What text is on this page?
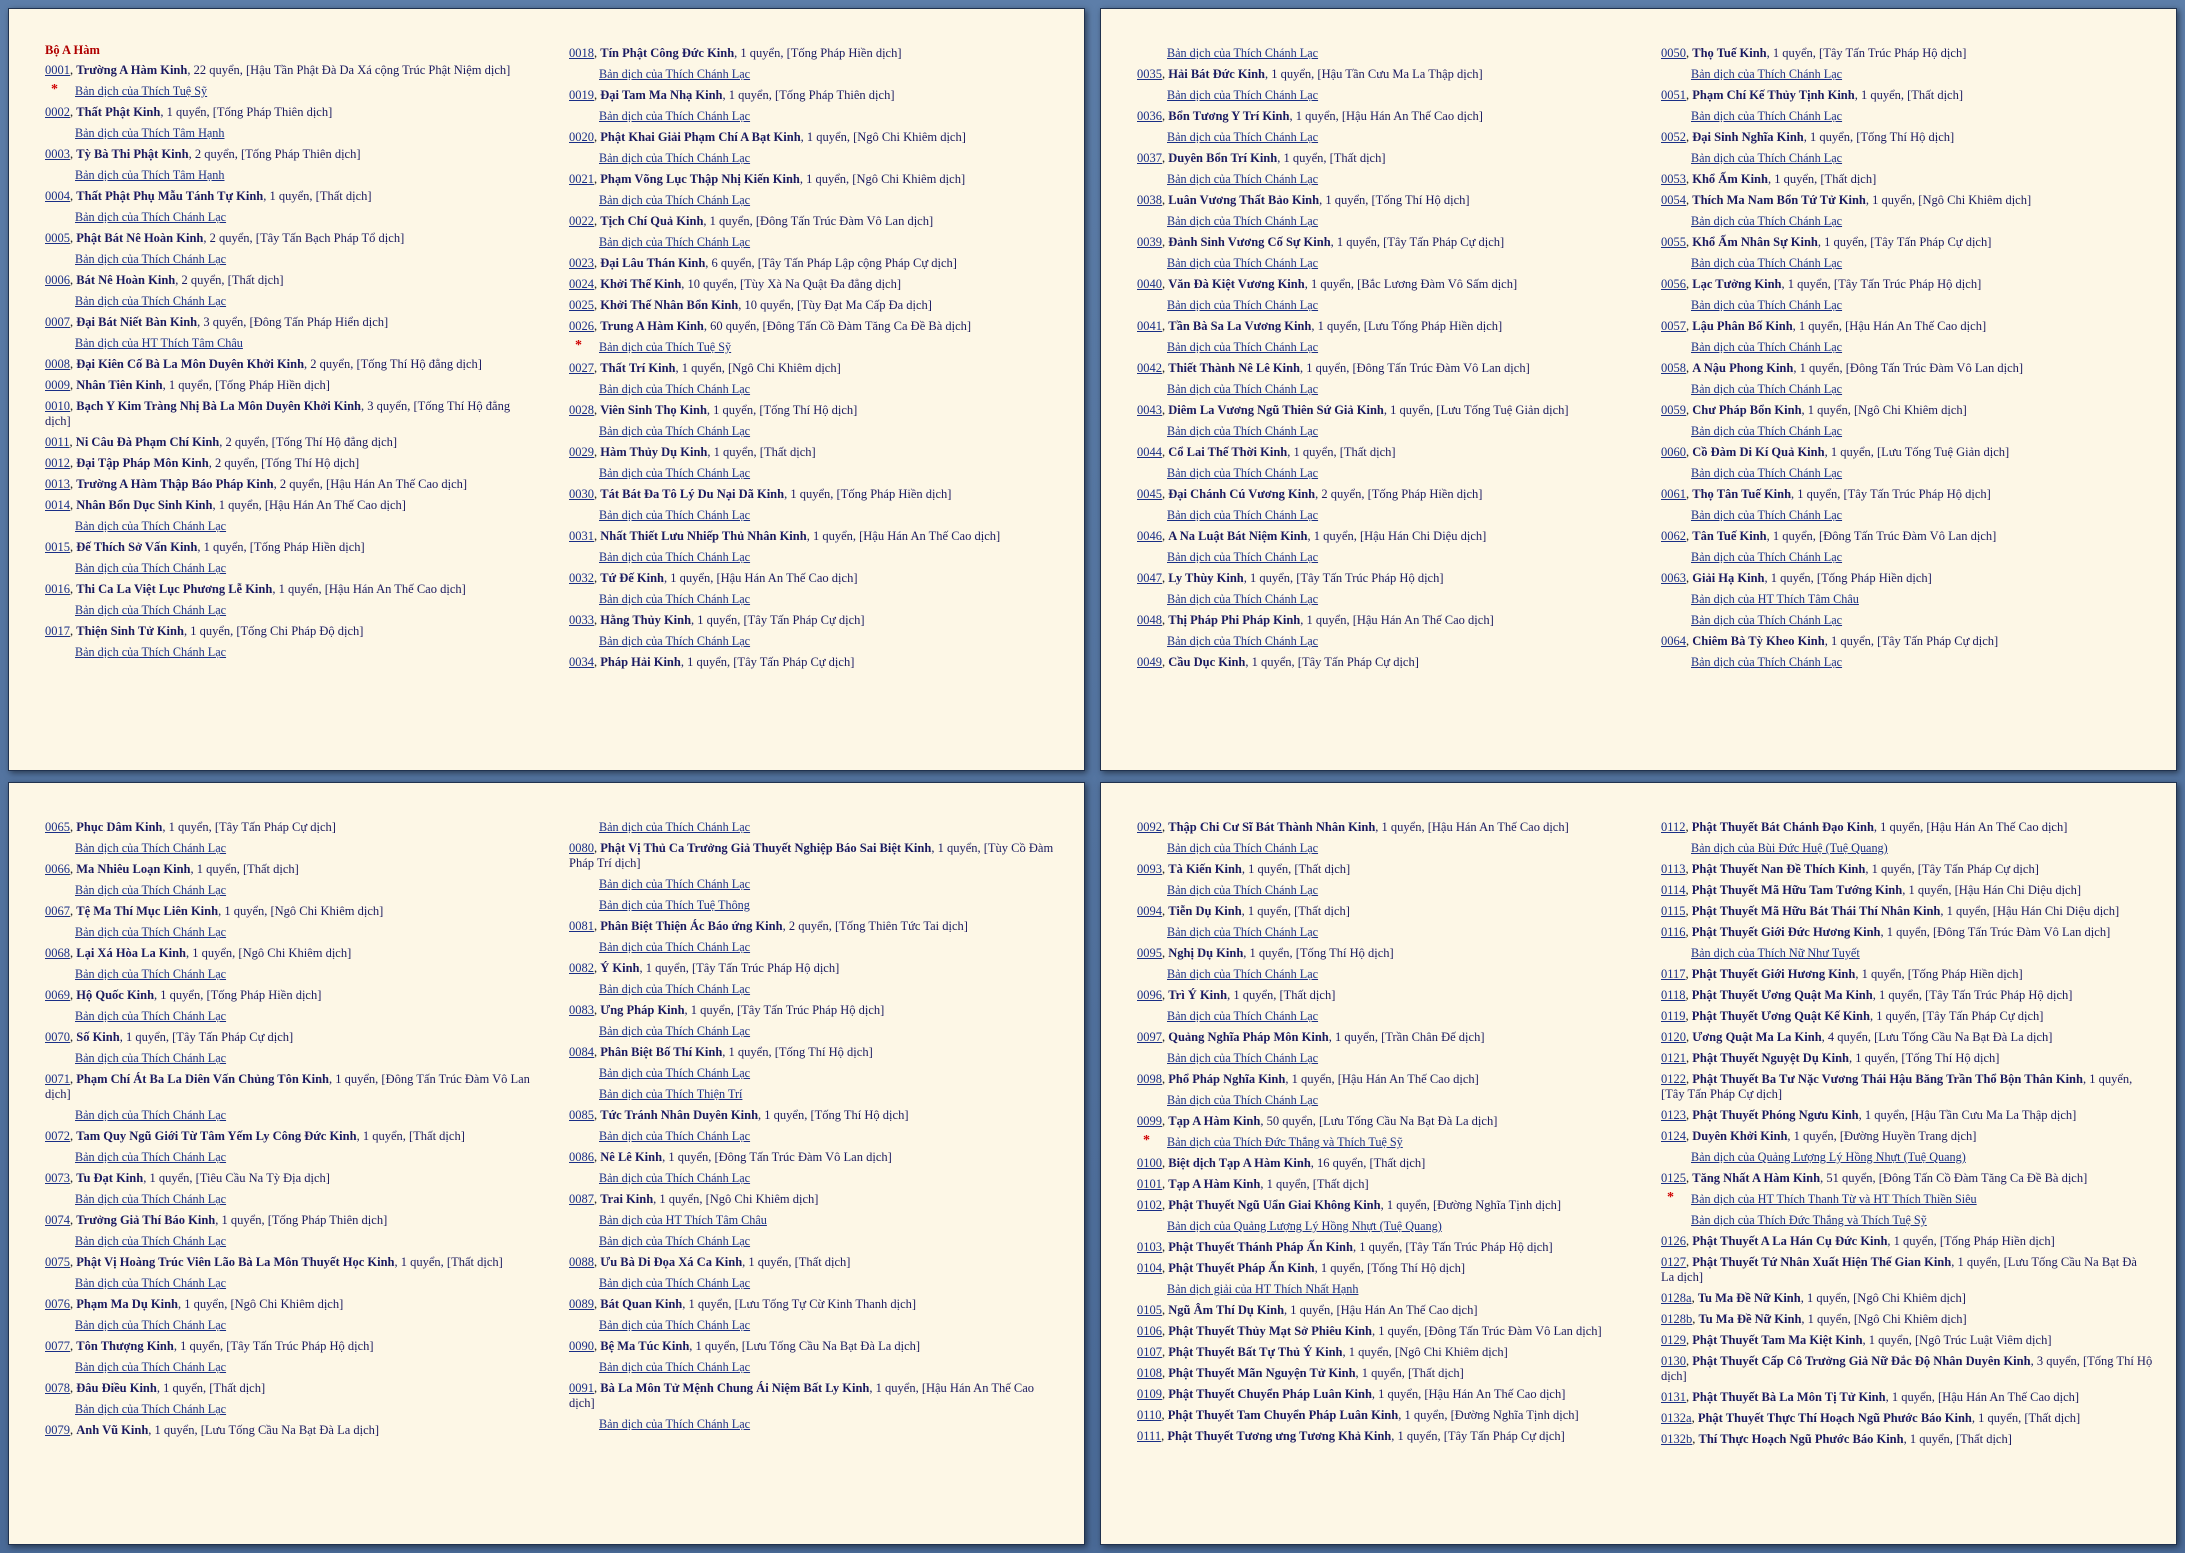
Bộ A Hàm
0001, Trường A Hàm Kinh, 22 quyển, [Hậu Tần Phật Đà Da Xá cộng Trúc Phật Niệm dịch]
* Bản dịch của Thích Tuệ Sỹ
0002, Thất Phật Kinh, 1 quyển, [Tống Pháp Thiên dịch]
Bản dịch của Thích Tâm Hạnh
0003, Tỳ Bà Thi Phật Kinh, 2 quyển, [Tống Pháp Thiên dịch]
Bản dịch của Thích Tâm Hạnh
0004, Thất Phật Phụ Mẫu Tánh Tự Kinh, 1 quyển, [Thất dịch]
Bản dịch của Thích Chánh Lạc
0005, Phật Bát Nê Hoàn Kinh, 2 quyển, [Tây Tấn Bạch Pháp Tổ dịch]
Bản dịch của Thích Chánh Lạc
0006, Bát Nê Hoàn Kinh, 2 quyển, [Thất dịch]
Bản dịch của Thích Chánh Lạc
0007, Đại Bát Niết Bàn Kinh, 3 quyển, [Đông Tấn Pháp Hiển dịch]
Bản dịch của HT Thích Tâm Châu
0008, Đại Kiên Cố Bà La Môn Duyên Khởi Kinh, 2 quyển, [Tống Thí Hộ đẳng dịch]
0009, Nhân Tiên Kinh, 1 quyển, [Tống Pháp Hiền dịch]
0010, Bạch Y Kim Tràng Nhị Bà La Môn Duyên Khởi Kinh, 3 quyển, [Tống Thí Hộ đẳng dịch]
0011, Ni Câu Đà Phạm Chí Kinh, 2 quyển, [Tống Thí Hộ đẳng dịch]
0012, Đại Tập Pháp Môn Kinh, 2 quyển, [Tống Thí Hộ dịch]
0013, Trường A Hàm Thập Báo Pháp Kinh, 2 quyển, [Hậu Hán An Thế Cao dịch]
0014, Nhân Bổn Dục Sinh Kinh, 1 quyển, [Hậu Hán An Thế Cao dịch]
Bản dịch của Thích Chánh Lạc
0015, Đế Thích Sở Vấn Kinh, 1 quyển, [Tống Pháp Hiền dịch]
Bản dịch của Thích Chánh Lạc
0016, Thi Ca La Việt Lục Phương Lễ Kinh, 1 quyển, [Hậu Hán An Thế Cao dịch]
Bản dịch của Thích Chánh Lạc
0017, Thiện Sinh Tử Kinh, 1 quyển, [Tống Chi Pháp Độ dịch]
Bản dịch của Thích Chánh Lạc
0018, Tín Phật Công Đức Kinh, 1 quyển, [Tống Pháp Hiền dịch]
Bản dịch của Thích Chánh Lạc
0019, Đại Tam Ma Nhạ Kinh, 1 quyển, [Tống Pháp Thiên dịch]
Bản dịch của Thích Chánh Lạc
0020, Phật Khai Giải Phạm Chí A Bạt Kinh, 1 quyển, [Ngô Chi Khiêm dịch]
Bản dịch của Thích Chánh Lạc
0021, Phạm Võng Lục Thập Nhị Kiến Kinh, 1 quyển, [Ngô Chi Khiêm dịch]
Bản dịch của Thích Chánh Lạc
0022, Tịch Chí Quả Kinh, 1 quyển, [Đông Tấn Trúc Đàm Vô Lan dịch]
Bản dịch của Thích Chánh Lạc
0023, Đại Lâu Thán Kinh, 6 quyển, [Tây Tấn Pháp Lập cộng Pháp Cự dịch]
0024, Khởi Thế Kinh, 10 quyển, [Tùy Xà Na Quật Đa đẳng dịch]
0025, Khởi Thế Nhân Bổn Kinh, 10 quyển, [Tùy Đạt Ma Cấp Đa dịch]
0026, Trung A Hàm Kinh, 60 quyển, [Đông Tấn Cồ Đàm Tăng Ca Đề Bà dịch]
* Bản dịch của Thích Tuệ Sỹ
0027, Thất Trí Kinh, 1 quyển, [Ngô Chi Khiêm dịch]
Bản dịch của Thích Chánh Lạc
0028, Viên Sinh Thọ Kinh, 1 quyển, [Tống Thí Hộ dịch]
Bản dịch của Thích Chánh Lạc
0029, Hàm Thủy Dụ Kinh, 1 quyển, [Thất dịch]
Bản dịch của Thích Chánh Lạc
0030, Tát Bát Đa Tô Lý Du Nại Dã Kinh, 1 quyển, [Tống Pháp Hiền dịch]
Bản dịch của Thích Chánh Lạc
0031, Nhất Thiết Lưu Nhiếp Thủ Nhân Kinh, 1 quyển, [Hậu Hán An Thế Cao dịch]
Bản dịch của Thích Chánh Lạc
0032, Tứ Đế Kinh, 1 quyển, [Hậu Hán An Thế Cao dịch]
Bản dịch của Thích Chánh Lạc
0033, Hằng Thủy Kinh, 1 quyển, [Tây Tấn Pháp Cự dịch]
Bản dịch của Thích Chánh Lạc
0034, Pháp Hải Kinh, 1 quyển, [Tây Tấn Pháp Cự dịch]
Bản dịch của Thích Chánh Lạc
0035, Hải Bát Đức Kinh, 1 quyển, [Hậu Tần Cưu Ma La Thập dịch]
Bản dịch của Thích Chánh Lạc
0036, Bổn Tương Y Trí Kinh, 1 quyển, [Hậu Hán An Thế Cao dịch]
Bản dịch của Thích Chánh Lạc
0037, Duyên Bổn Trí Kinh, 1 quyển, [Thất dịch]
Bản dịch của Thích Chánh Lạc
0038, Luân Vương Thất Bảo Kinh, 1 quyển, [Tống Thí Hộ dịch]
Bản dịch của Thích Chánh Lạc
0039, Đảnh Sinh Vương Cố Sự Kinh, 1 quyển, [Tây Tấn Pháp Cự dịch]
Bản dịch của Thích Chánh Lạc
0040, Văn Đà Kiệt Vương Kinh, 1 quyển, [Bắc Lương Đàm Vô Sấm dịch]
Bản dịch của Thích Chánh Lạc
0041, Tần Bà Sa La Vương Kinh, 1 quyển, [Lưu Tống Pháp Hiền dịch]
Bản dịch của Thích Chánh Lạc
0042, Thiết Thành Nê Lê Kinh, 1 quyển, [Đông Tấn Trúc Đàm Vô Lan dịch]
Bản dịch của Thích Chánh Lạc
0043, Diêm La Vương Ngũ Thiên Sứ Giả Kinh, 1 quyển, [Lưu Tống Tuệ Giản dịch]
Bản dịch của Thích Chánh Lạc
0044, Cổ Lai Thế Thời Kinh, 1 quyển, [Thất dịch]
Bản dịch của Thích Chánh Lạc
0045, Đại Chánh Cú Vương Kinh, 2 quyển, [Tống Pháp Hiền dịch]
Bản dịch của Thích Chánh Lạc
0046, A Na Luật Bát Niệm Kinh, 1 quyển, [Hậu Hán Chi Diệu dịch]
Bản dịch của Thích Chánh Lạc
0047, Ly Thùy Kinh, 1 quyển, [Tây Tấn Trúc Pháp Hộ dịch]
Bản dịch của Thích Chánh Lạc
0048, Thị Pháp Phi Pháp Kinh, 1 quyển, [Hậu Hán An Thế Cao dịch]
Bản dịch của Thích Chánh Lạc
0049, Cầu Dục Kinh, 1 quyển, [Tây Tấn Pháp Cự dịch]
0050, Thọ Tuế Kinh, 1 quyển, [Tây Tấn Trúc Pháp Hộ dịch]
Bản dịch của Thích Chánh Lạc
0051, Phạm Chí Kế Thủy Tịnh Kinh, 1 quyển, [Thất dịch]
Bản dịch của Thích Chánh Lạc
0052, Đại Sinh Nghĩa Kinh, 1 quyển, [Tống Thí Hộ dịch]
Bản dịch của Thích Chánh Lạc
0053, Khổ Ấm Kinh, 1 quyển, [Thất dịch]
0054, Thích Ma Nam Bổn Tứ Tử Kinh, 1 quyển, [Ngô Chi Khiêm dịch]
Bản dịch của Thích Chánh Lạc
0055, Khổ Ấm Nhân Sự Kinh, 1 quyển, [Tây Tấn Pháp Cự dịch]
Bản dịch của Thích Chánh Lạc
0056, Lạc Tưởng Kinh, 1 quyển, [Tây Tấn Trúc Pháp Hộ dịch]
Bản dịch của Thích Chánh Lạc
0057, Lậu Phân Bố Kinh, 1 quyển, [Hậu Hán An Thế Cao dịch]
Bản dịch của Thích Chánh Lạc
0058, A Nậu Phong Kinh, 1 quyển, [Đông Tấn Trúc Đàm Vô Lan dịch]
Bản dịch của Thích Chánh Lạc
0059, Chư Pháp Bổn Kinh, 1 quyển, [Ngô Chi Khiêm dịch]
Bản dịch của Thích Chánh Lạc
0060, Cồ Đàm Di Kí Quả Kinh, 1 quyển, [Lưu Tống Tuệ Giản dịch]
Bản dịch của Thích Chánh Lạc
0061, Thọ Tân Tuế Kinh, 1 quyển, [Tây Tấn Trúc Pháp Hộ dịch]
Bản dịch của Thích Chánh Lạc
0062, Tân Tuế Kinh, 1 quyển, [Đông Tấn Trúc Đàm Vô Lan dịch]
Bản dịch của Thích Chánh Lạc
0063, Giải Hạ Kinh, 1 quyển, [Tống Pháp Hiền dịch]
Bản dịch của HT Thích Tâm Châu
Bản dịch của Thích Chánh Lạc
0064, Chiêm Bà Tỳ Kheo Kinh, 1 quyển, [Tây Tấn Pháp Cự dịch]
Bản dịch của Thích Chánh Lạc
0065, Phục Dâm Kinh, 1 quyển, [Tây Tấn Pháp Cự dịch]
Bản dịch của Thích Chánh Lạc
0066, Ma Nhiêu Loạn Kinh, 1 quyển, [Thất dịch]
Bản dịch của Thích Chánh Lạc
0067, Tệ Ma Thí Mục Liên Kinh, 1 quyển, [Ngô Chi Khiêm dịch]
Bản dịch của Thích Chánh Lạc
0068, Lại Xá Hòa La Kinh, 1 quyển, [Ngô Chi Khiêm dịch]
Bản dịch của Thích Chánh Lạc
0069, Hộ Quốc Kinh, 1 quyển, [Tống Pháp Hiền dịch]
Bản dịch của Thích Chánh Lạc
0070, Số Kinh, 1 quyển, [Tây Tấn Pháp Cự dịch]
Bản dịch của Thích Chánh Lạc
0071, Phạm Chí Át Ba La Diên Vấn Chủng Tôn Kinh, 1 quyển, [Đông Tấn Trúc Đàm Vô Lan dịch]
Bản dịch của Thích Chánh Lạc
0072, Tam Quy Ngũ Giới Từ Tâm Yếm Ly Công Đức Kinh, 1 quyển, [Thất dịch]
Bản dịch của Thích Chánh Lạc
0073, Tu Đạt Kinh, 1 quyển, [Tiêu Cầu Na Tỳ Địa dịch]
Bản dịch của Thích Chánh Lạc
0074, Trưởng Giả Thí Báo Kinh, 1 quyển, [Tống Pháp Thiên dịch]
Bản dịch của Thích Chánh Lạc
0075, Phật Vị Hoàng Trúc Viên Lão Bà La Môn Thuyết Học Kinh, 1 quyển, [Thất dịch]
Bản dịch của Thích Chánh Lạc
0076, Phạm Ma Dụ Kinh, 1 quyển, [Ngô Chi Khiêm dịch]
Bản dịch của Thích Chánh Lạc
0077, Tôn Thượng Kinh, 1 quyển, [Tây Tấn Trúc Pháp Hộ dịch]
Bản dịch của Thích Chánh Lạc
0078, Đâu Điều Kinh, 1 quyển, [Thất dịch]
Bản dịch của Thích Chánh Lạc
0079, Anh Vũ Kinh, 1 quyển, [Lưu Tống Cầu Na Bạt Đà La dịch]
Bản dịch của Thích Chánh Lạc
0080, Phật Vị Thủ Ca Trưởng Giả Thuyết Nghiệp Báo Sai Biệt Kinh, 1 quyển, [Tùy Cồ Đàm Pháp Trí dịch]
Bản dịch của Thích Chánh Lạc
Bản dịch của Thích Tuệ Thông
0081, Phân Biệt Thiện Ác Báo ứng Kinh, 2 quyển, [Tống Thiên Tức Tai dịch]
Bản dịch của Thích Chánh Lạc
0082, Ý Kinh, 1 quyển, [Tây Tấn Trúc Pháp Hộ dịch]
Bản dịch của Thích Chánh Lạc
0083, Ưng Pháp Kinh, 1 quyển, [Tây Tấn Trúc Pháp Hộ dịch]
Bản dịch của Thích Chánh Lạc
0084, Phân Biệt Bố Thí Kinh, 1 quyển, [Tống Thí Hộ dịch]
Bản dịch của Thích Chánh Lạc
Bản dịch của Thích Thiện Trí
0085, Tức Tránh Nhân Duyên Kinh, 1 quyển, [Tống Thí Hộ dịch]
Bản dịch của Thích Chánh Lạc
0086, Nê Lê Kinh, 1 quyển, [Đông Tấn Trúc Đàm Vô Lan dịch]
Bản dịch của Thích Chánh Lạc
0087, Trai Kinh, 1 quyển, [Ngô Chi Khiêm dịch]
Bản dịch của HT Thích Tâm Châu
Bản dịch của Thích Chánh Lạc
0088, Ưu Bà Di Đọa Xá Ca Kinh, 1 quyển, [Thất dịch]
Bản dịch của Thích Chánh Lạc
0089, Bát Quan Kinh, 1 quyển, [Lưu Tống Tự Cừ Kinh Thanh dịch]
Bản dịch của Thích Chánh Lạc
0090, Bệ Ma Túc Kinh, 1 quyển, [Lưu Tống Cầu Na Bạt Đà La dịch]
Bản dịch của Thích Chánh Lạc
0091, Bà La Môn Tử Mệnh Chung Ái Niệm Bất Ly Kinh, 1 quyển, [Hậu Hán An Thế Cao dịch]
Bản dịch của Thích Chánh Lạc
0092, Thập Chi Cư Sĩ Bát Thành Nhân Kinh, 1 quyển, [Hậu Hán An Thế Cao dịch]
Bản dịch của Thích Chánh Lạc
0093, Tà Kiến Kinh, 1 quyển, [Thất dịch]
Bản dịch của Thích Chánh Lạc
0094, Tiễn Dụ Kinh, 1 quyển, [Thất dịch]
Bản dịch của Thích Chánh Lạc
0095, Nghị Dụ Kinh, 1 quyển, [Tống Thí Hộ dịch]
Bản dịch của Thích Chánh Lạc
0096, Trì Ý Kinh, 1 quyển, [Thất dịch]
Bản dịch của Thích Chánh Lạc
0097, Quảng Nghĩa Pháp Môn Kinh, 1 quyển, [Trần Chân Đế dịch]
Bản dịch của Thích Chánh Lạc
0098, Phổ Pháp Nghĩa Kinh, 1 quyển, [Hậu Hán An Thế Cao dịch]
Bản dịch của Thích Chánh Lạc
0099, Tạp A Hàm Kinh, 50 quyển, [Lưu Tống Cầu Na Bạt Đà La dịch]
* Bản dịch của Thích Đức Thắng và Thích Tuệ Sỹ
0100, Biệt dịch Tạp A Hàm Kinh, 16 quyển, [Thất dịch]
0101, Tạp A Hàm Kinh, 1 quyển, [Thất dịch]
0102, Phật Thuyết Ngũ Uẩn Giai Không Kinh, 1 quyển, [Đường Nghĩa Tịnh dịch]
Bản dịch của Quảng Lượng Lý Hồng Nhựt (Tuệ Quang)
0103, Phật Thuyết Thánh Pháp Ấn Kinh, 1 quyển, [Tây Tấn Trúc Pháp Hộ dịch]
0104, Phật Thuyết Pháp Ấn Kinh, 1 quyển, [Tống Thí Hộ dịch]
Bản dịch giải của HT Thích Nhất Hạnh
0105, Ngũ Âm Thí Dụ Kinh, 1 quyển, [Hậu Hán An Thế Cao dịch]
0106, Phật Thuyết Thủy Mạt Sở Phiêu Kinh, 1 quyển, [Đông Tấn Trúc Đàm Vô Lan dịch]
0107, Phật Thuyết Bất Tự Thủ Ý Kinh, 1 quyển, [Ngô Chi Khiêm dịch]
0108, Phật Thuyết Mãn Nguyện Tử Kinh, 1 quyển, [Thất dịch]
0109, Phật Thuyết Chuyển Pháp Luân Kinh, 1 quyển, [Hậu Hán An Thế Cao dịch]
0110, Phật Thuyết Tam Chuyển Pháp Luân Kinh, 1 quyển, [Đường Nghĩa Tịnh dịch]
0111, Phật Thuyết Tương ưng Tương Khả Kinh, 1 quyển, [Tây Tấn Pháp Cự dịch]
0112, Phật Thuyết Bát Chánh Đạo Kinh, 1 quyển, [Hậu Hán An Thế Cao dịch]
Bản dịch của Bùi Đức Huệ (Tuệ Quang)
0113, Phật Thuyết Nan Đề Thích Kinh, 1 quyển, [Tây Tấn Pháp Cự dịch]
0114, Phật Thuyết Mã Hữu Tam Tướng Kinh, 1 quyển, [Hậu Hán Chi Diệu dịch]
0115, Phật Thuyết Mã Hữu Bát Thái Thí Nhân Kinh, 1 quyển, [Hậu Hán Chi Diệu dịch]
0116, Phật Thuyết Giới Đức Hương Kinh, 1 quyển, [Đông Tấn Trúc Đàm Vô Lan dịch]
Bản dịch của Thích Nữ Như Tuyết
0117, Phật Thuyết Giới Hương Kinh, 1 quyển, [Tống Pháp Hiền dịch]
0118, Phật Thuyết Ương Quật Ma Kinh, 1 quyển, [Tây Tấn Trúc Pháp Hộ dịch]
0119, Phật Thuyết Ương Quật Kế Kinh, 1 quyển, [Tây Tấn Pháp Cự dịch]
0120, Ương Quật Ma La Kinh, 4 quyển, [Lưu Tống Cầu Na Bạt Đà La dịch]
0121, Phật Thuyết Nguyệt Dụ Kinh, 1 quyển, [Tống Thí Hộ dịch]
0122, Phật Thuyết Ba Tư Nặc Vương Thái Hậu Băng Trần Thổ Bộn Thân Kinh, 1 quyển, [Tây Tấn Pháp Cự dịch]
0123, Phật Thuyết Phóng Ngưu Kinh, 1 quyển, [Hậu Tần Cưu Ma La Thập dịch]
0124, Duyên Khởi Kinh, 1 quyển, [Đường Huyền Trang dịch]
Bản dịch của Quảng Lượng Lý Hồng Nhựt (Tuệ Quang)
0125, Tăng Nhất A Hàm Kinh, 51 quyển, [Đông Tấn Cồ Đàm Tăng Ca Đề Bà dịch]
* Bản dịch của HT Thích Thanh Từ và HT Thích Thiền Siêu
Bản dịch của Thích Đức Thắng và Thích Tuệ Sỹ
0126, Phật Thuyết A La Hán Cụ Đức Kinh, 1 quyển, [Tống Pháp Hiền dịch]
0127, Phật Thuyết Tứ Nhân Xuất Hiện Thế Gian Kinh, 1 quyển, [Lưu Tống Cầu Na Bạt Đà La dịch]
0128a, Tu Ma Đề Nữ Kinh, 1 quyển, [Ngô Chi Khiêm dịch]
0128b, Tu Ma Đề Nữ Kinh, 1 quyển, [Ngô Chi Khiêm dịch]
0129, Phật Thuyết Tam Ma Kiệt Kinh, 1 quyển, [Ngô Trúc Luật Viêm dịch]
0130, Phật Thuyết Cấp Cô Trưởng Giả Nữ Đắc Độ Nhân Duyên Kinh, 3 quyển, [Tống Thí Hộ dịch]
0131, Phật Thuyết Bà La Môn Tị Tử Kinh, 1 quyển, [Hậu Hán An Thế Cao dịch]
0132a, Phật Thuyết Thực Thí Hoạch Ngũ Phước Báo Kinh, 1 quyển, [Thất dịch]
0132b, Thí Thực Hoạch Ngũ Phước Báo Kinh, 1 quyển, [Thất dịch]
